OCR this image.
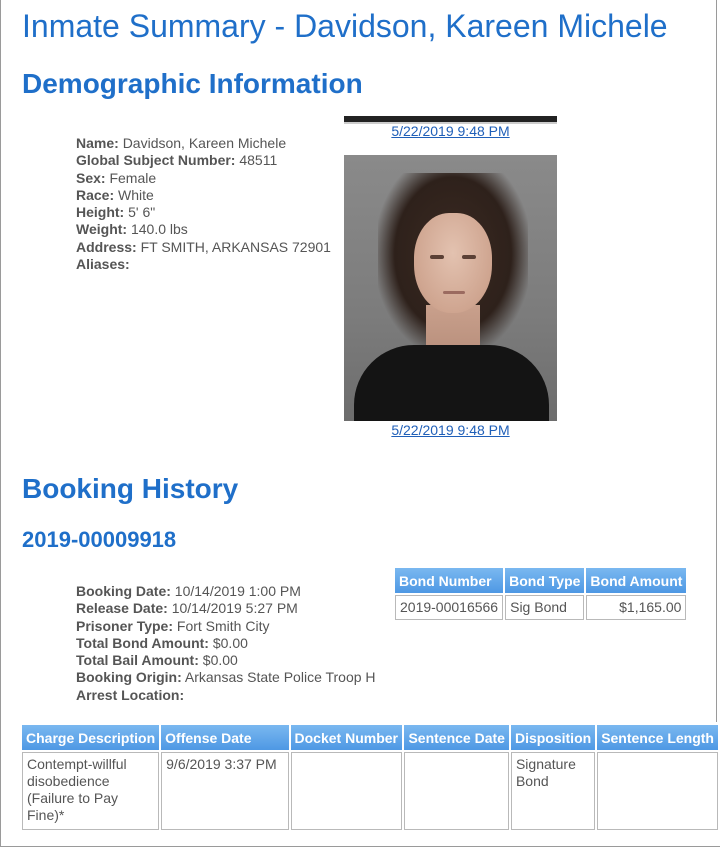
Inmate Summary - Davidson, Kareen Michele
Demographic Information
Name: Davidson, Kareen Michele
Global Subject Number: 48511
Sex: Female
Race: White
Height: 5' 6"
Weight: 140.0 lbs
Address: FT SMITH, ARKANSAS 72901
Aliases:
5/22/2019 9:48 PM
5/22/2019 9:48 PM
Booking History
2019-00009918
Booking Date: 10/14/2019 1:00 PM
Release Date: 10/14/2019 5:27 PM
Prisoner Type: Fort Smith City
Total Bond Amount: $0.00
Total Bail Amount: $0.00
Booking Origin: Arkansas State Police Troop H
Arrest Location:
Bond Number	Bond Type	Bond Amount
2019-00016566	Sig Bond	$1,165.00
Charge Description	Offense Date	Docket Number	Sentence Date	Disposition	Sentence Length
Contempt-willful disobedience (Failure to Pay Fine)*	9/6/2019 3:37 PM			Signature Bond	
